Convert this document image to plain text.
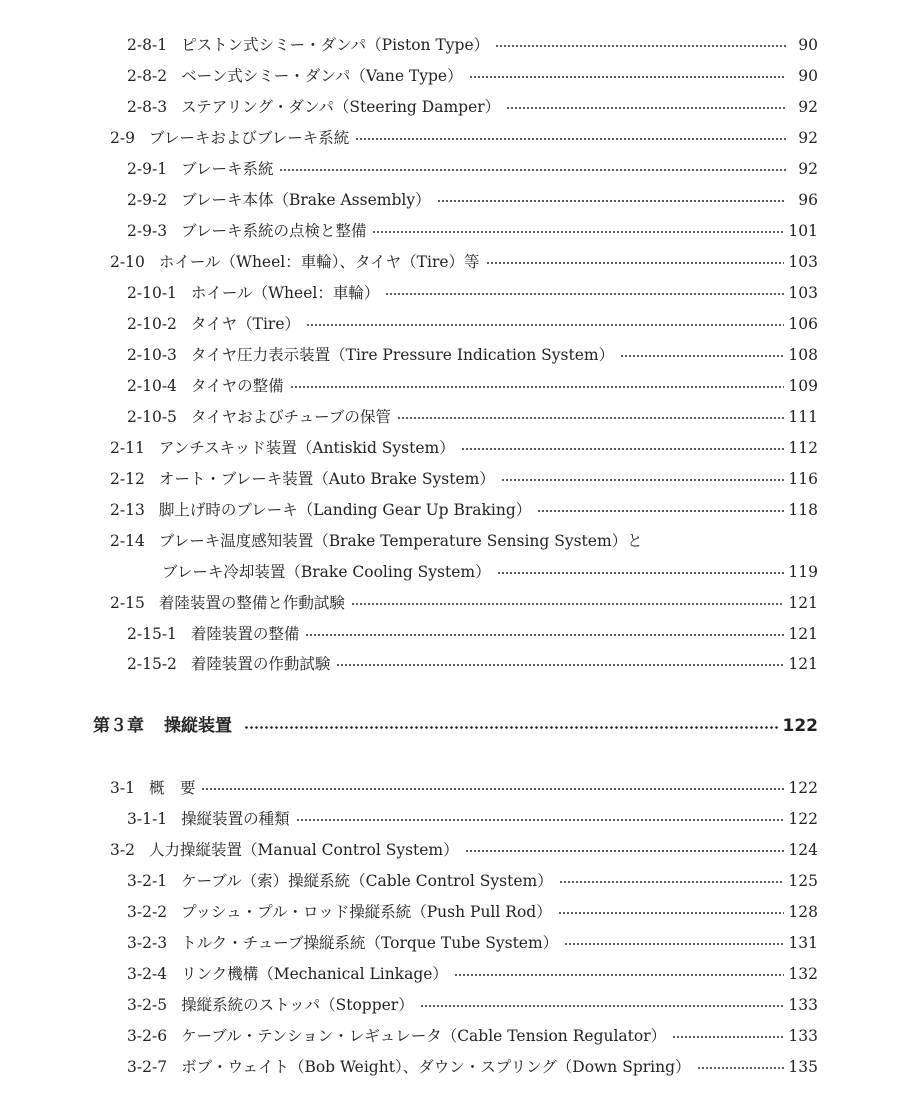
2-8-1 ピストン式シミー・ダンパ（Piston Type）	90
2-8-2 ベーン式シミー・ダンパ（Vane Type）	90
2-8-3 ステアリング・ダンパ（Steering Damper）	92
2-9 ブレーキおよびブレーキ系統	92
2-9-1 ブレーキ系統	92
2-9-2 ブレーキ本体（Brake Assembly）	96
2-9-3 ブレーキ系統の点検と整備	101
2-10 ホイール（Wheel：車輪）、タイヤ（Tire）等	103
2-10-1 ホイール（Wheel：車輪）	103
2-10-2 タイヤ（Tire）	106
2-10-3 タイヤ圧力表示装置（Tire Pressure Indication System）	108
2-10-4 タイヤの整備	109
2-10-5 タイヤおよびチューブの保管	111
2-11 アンチスキッド装置（Antiskid System）	112
2-12 オート・ブレーキ装置（Auto Brake System）	116
2-13 脚上げ時のブレーキ（Landing Gear Up Braking）	118
2-14 ブレーキ温度感知装置（Brake Temperature Sensing System）と
ブレーキ冷却装置（Brake Cooling System）	119
2-15 着陸装置の整備と作動試験	121
2-15-1 着陸装置の整備	121
2-15-2 着陸装置の作動試験	121
第３章	操縦装置	122
3-1 概　要	122
3-1-1 操縦装置の種類	122
3-2 人力操縦装置（Manual Control System）	124
3-2-1 ケーブル（索）操縦系統（Cable Control System）	125
3-2-2 プッシュ・プル・ロッド操縦系統（Push Pull Rod）	128
3-2-3 トルク・チューブ操縦系統（Torque Tube System）	131
3-2-4 リンク機構（Mechanical Linkage）	132
3-2-5 操縦系統のストッパ（Stopper）	133
3-2-6 ケーブル・テンション・レギュレータ（Cable Tension Regulator）	133
3-2-7 ボブ・ウェイト（Bob Weight）、ダウン・スプリング（Down Spring）	135
